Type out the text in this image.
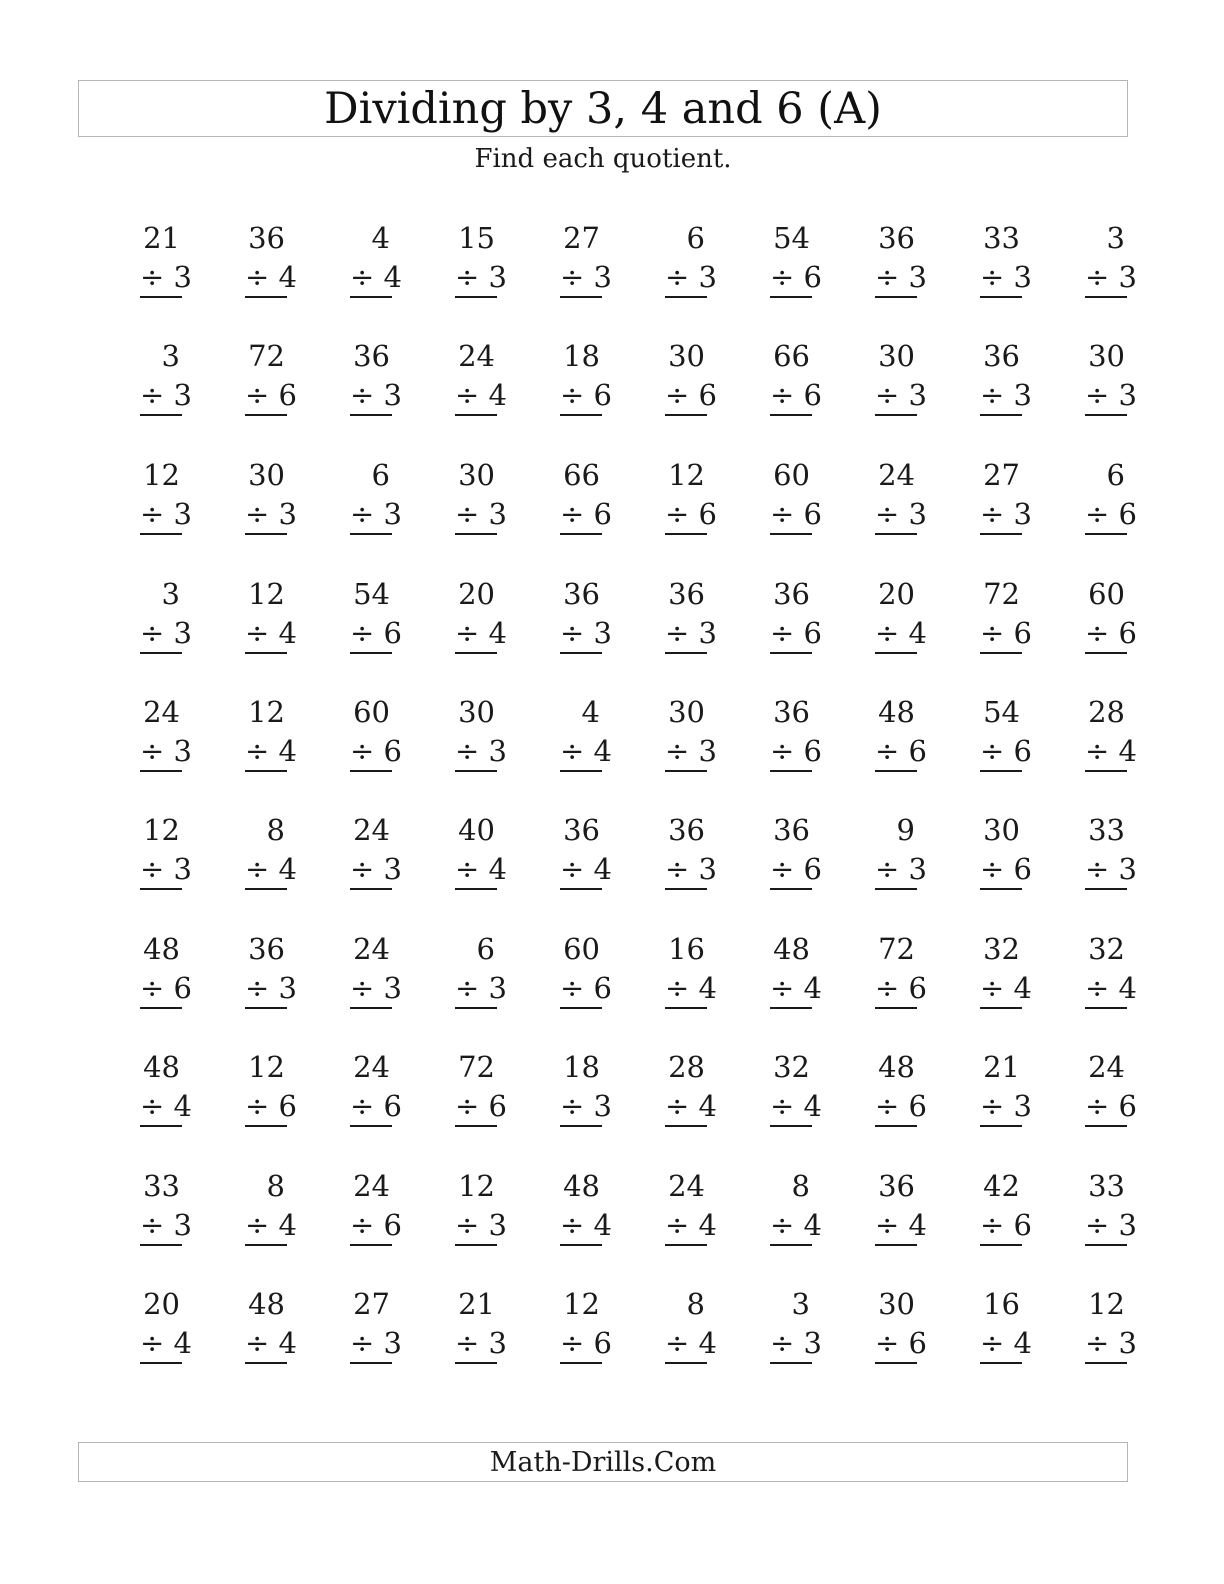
Dividing by 3, 4 and 6 (A)
Find each quotient.
21
÷ 3
36
÷ 4
4
÷ 4
15
÷ 3
27
÷ 3
6
÷ 3
54
÷ 6
36
÷ 3
33
÷ 3
3
÷ 3
3
÷ 3
72
÷ 6
36
÷ 3
24
÷ 4
18
÷ 6
30
÷ 6
66
÷ 6
30
÷ 3
36
÷ 3
30
÷ 3
12
÷ 3
30
÷ 3
6
÷ 3
30
÷ 3
66
÷ 6
12
÷ 6
60
÷ 6
24
÷ 3
27
÷ 3
6
÷ 6
3
÷ 3
12
÷ 4
54
÷ 6
20
÷ 4
36
÷ 3
36
÷ 3
36
÷ 6
20
÷ 4
72
÷ 6
60
÷ 6
24
÷ 3
12
÷ 4
60
÷ 6
30
÷ 3
4
÷ 4
30
÷ 3
36
÷ 6
48
÷ 6
54
÷ 6
28
÷ 4
12
÷ 3
8
÷ 4
24
÷ 3
40
÷ 4
36
÷ 4
36
÷ 3
36
÷ 6
9
÷ 3
30
÷ 6
33
÷ 3
48
÷ 6
36
÷ 3
24
÷ 3
6
÷ 3
60
÷ 6
16
÷ 4
48
÷ 4
72
÷ 6
32
÷ 4
32
÷ 4
48
÷ 4
12
÷ 6
24
÷ 6
72
÷ 6
18
÷ 3
28
÷ 4
32
÷ 4
48
÷ 6
21
÷ 3
24
÷ 6
33
÷ 3
8
÷ 4
24
÷ 6
12
÷ 3
48
÷ 4
24
÷ 4
8
÷ 4
36
÷ 4
42
÷ 6
33
÷ 3
20
÷ 4
48
÷ 4
27
÷ 3
21
÷ 3
12
÷ 6
8
÷ 4
3
÷ 3
30
÷ 6
16
÷ 4
12
÷ 3
Math-Drills.Com
